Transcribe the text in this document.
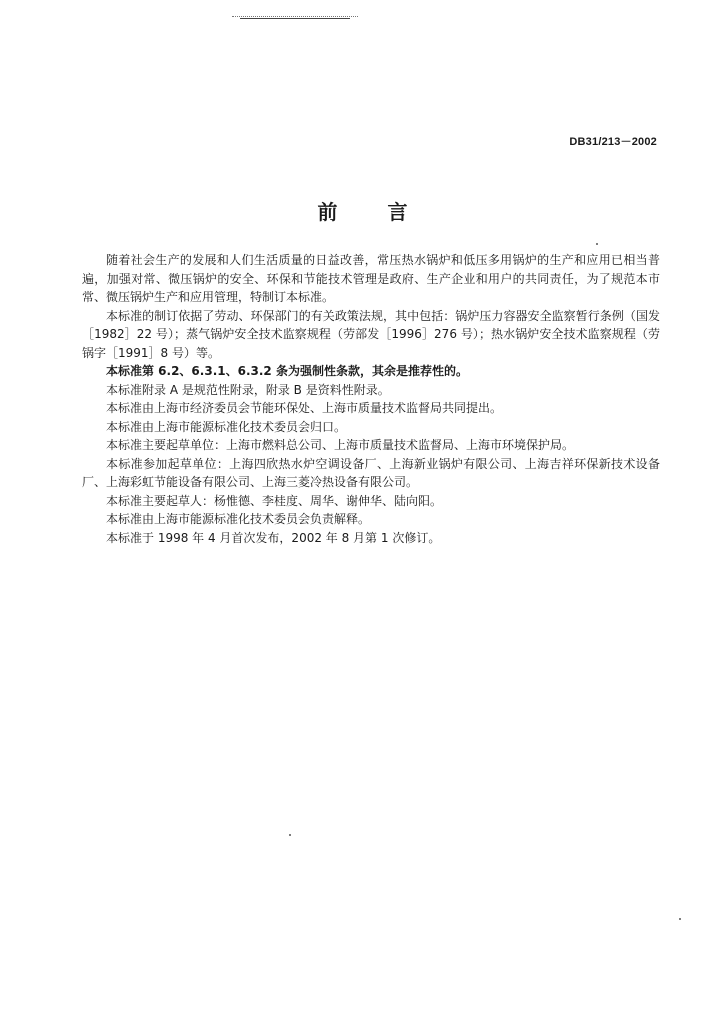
DB31/213－2002
前言

随着社会生产的发展和人们生活质量的日益改善，常压热水锅炉和低压多用锅炉的生产和应用已相当普遍，加强对常、微压锅炉的安全、环保和节能技术管理是政府、生产企业和用户的共同责任，为了规范本市常、微压锅炉生产和应用管理，特制订本标准。

本标准的制订依据了劳动、环保部门的有关政策法规，其中包括：锅炉压力容器安全监察暂行条例（国发［1982］22 号）；蒸气锅炉安全技术监察规程（劳部发［1996］276 号）；热水锅炉安全技术监察规程（劳锅字［1991］8 号）等。

本标准第 6.2、6.3.1、6.3.2 条为强制性条款，其余是推荐性的。

本标准附录 A 是规范性附录，附录 B 是资料性附录。

本标准由上海市经济委员会节能环保处、上海市质量技术监督局共同提出。

本标准由上海市能源标准化技术委员会归口。

本标准主要起草单位：上海市燃料总公司、上海市质量技术监督局、上海市环境保护局。

本标准参加起草单位：上海四欣热水炉空调设备厂、上海新业锅炉有限公司、上海吉祥环保新技术设备厂、上海彩虹节能设备有限公司、上海三菱冷热设备有限公司。

本标准主要起草人：杨惟德、李桂度、周华、谢伸华、陆向阳。

本标准由上海市能源标准化技术委员会负责解释。

本标准于 1998 年 4 月首次发布，2002 年 8 月第 1 次修订。
